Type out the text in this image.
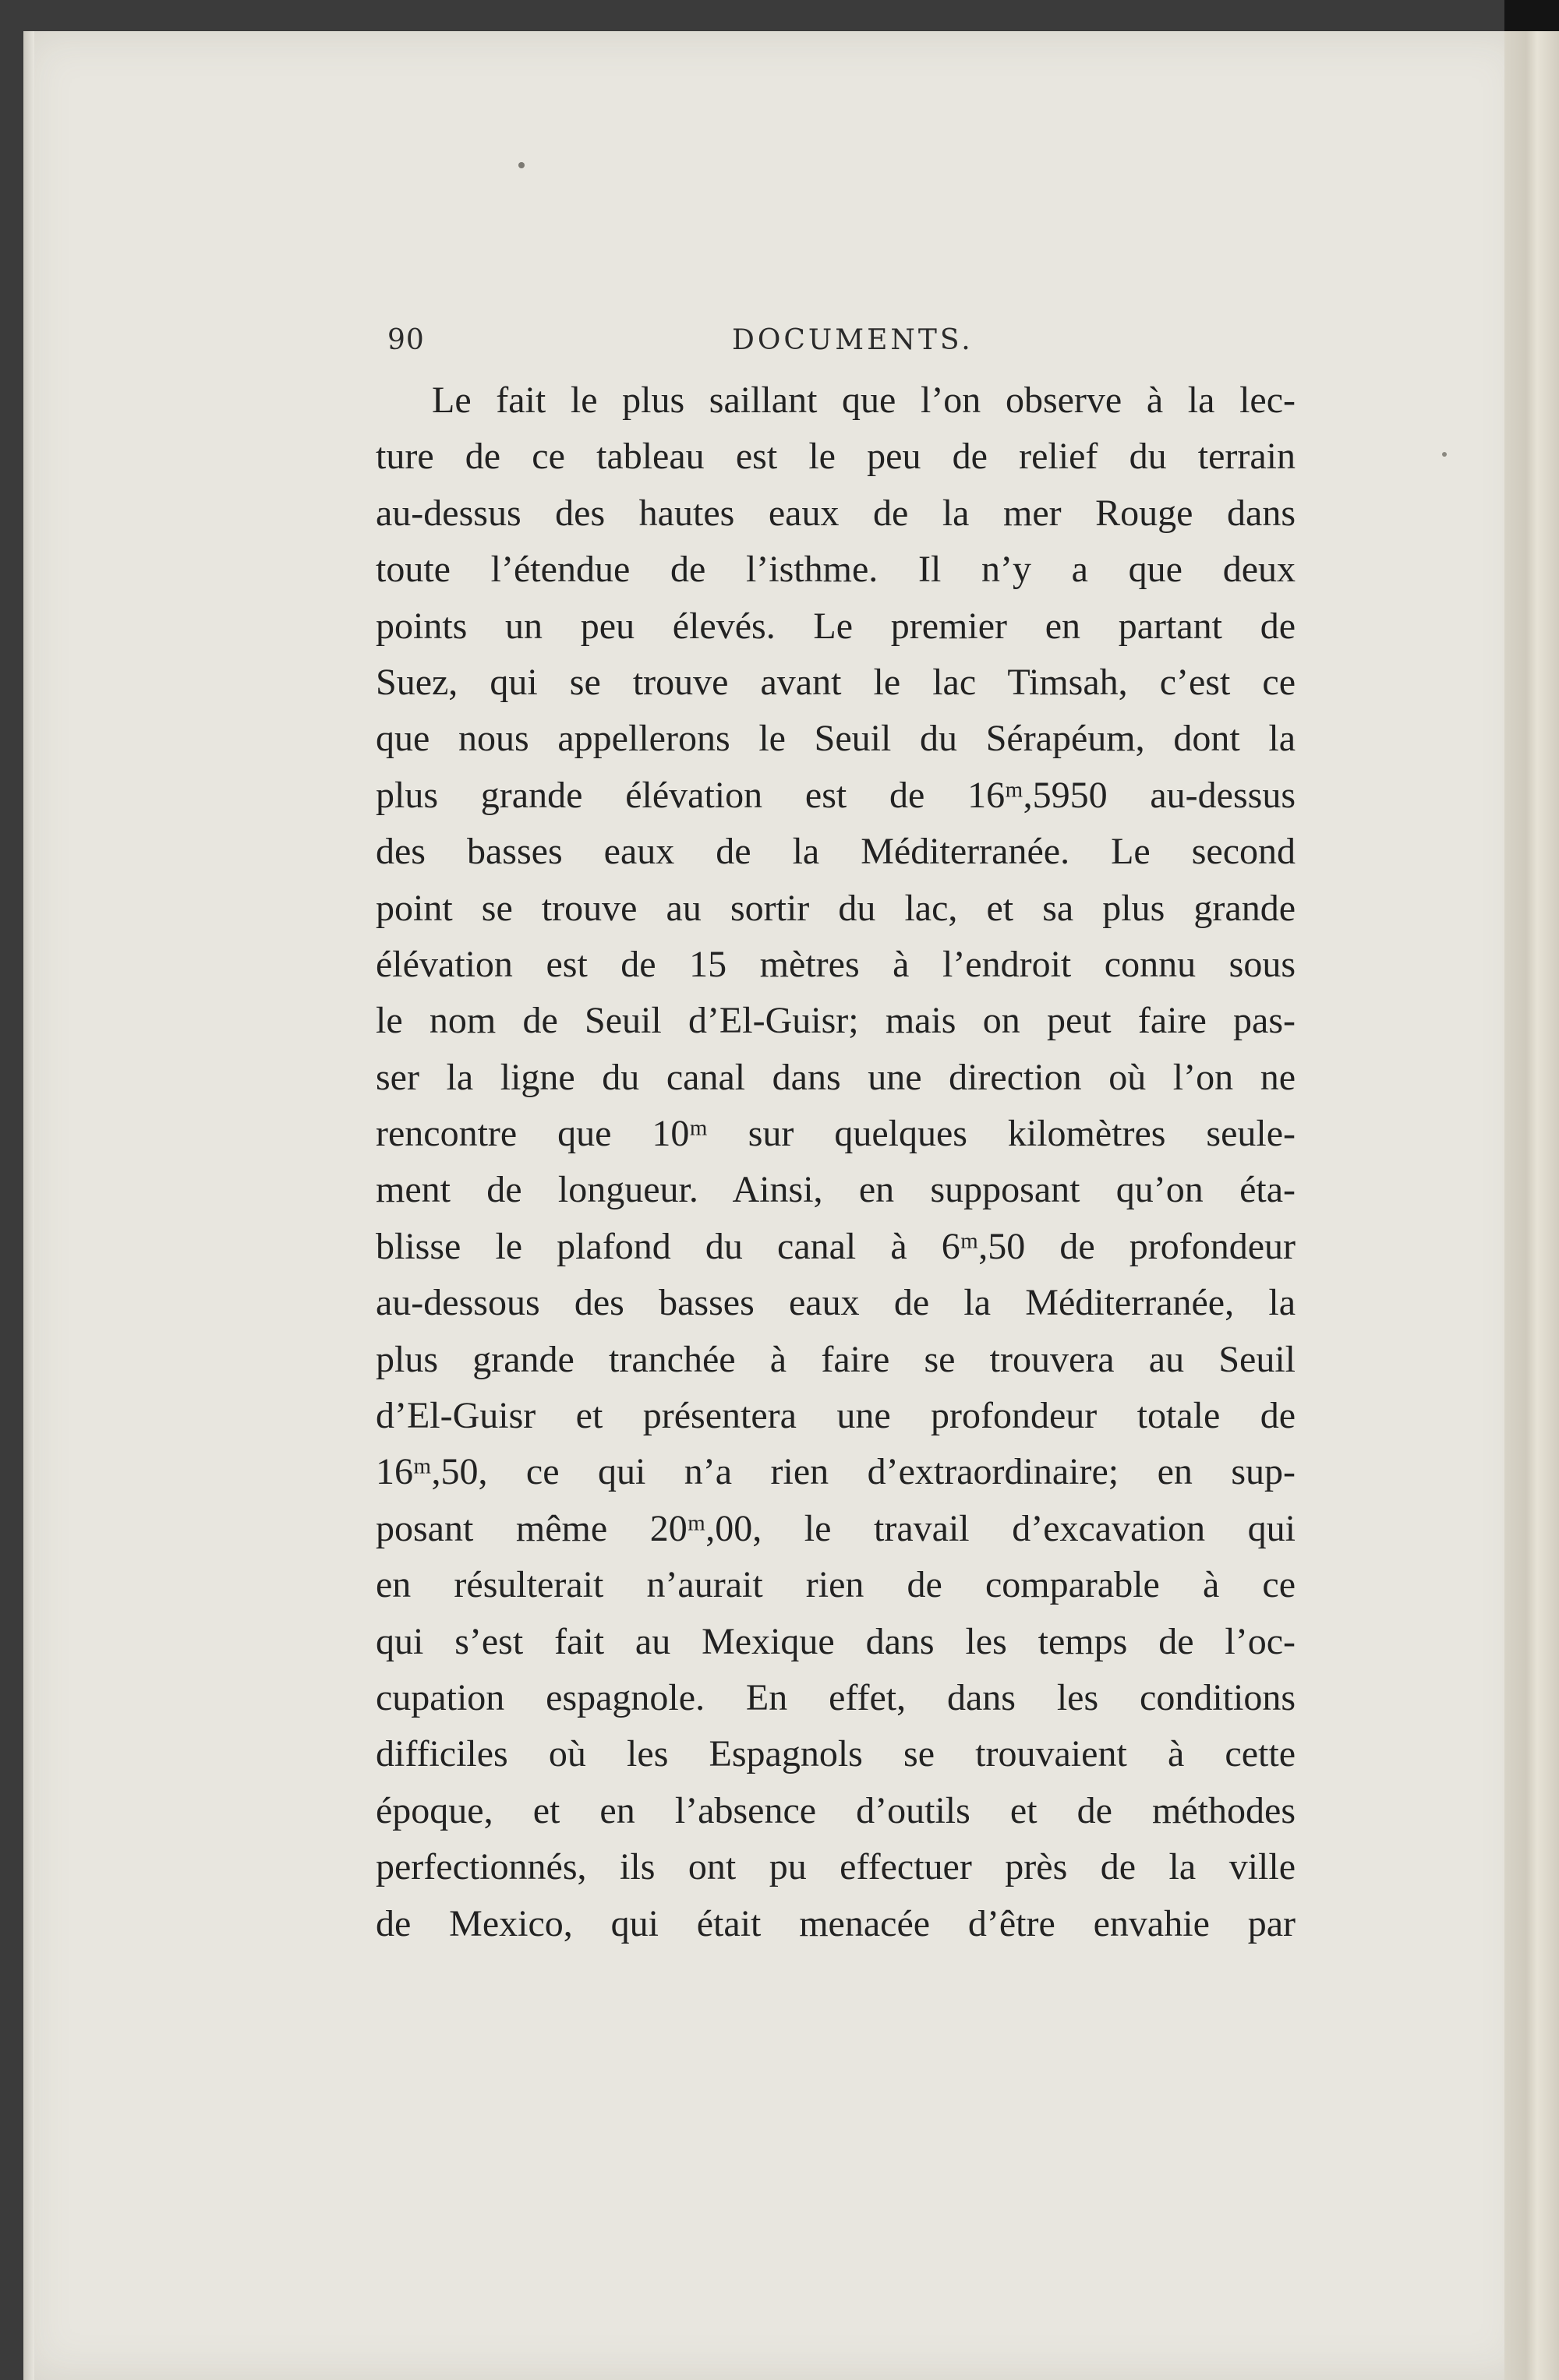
90	DOCUMENTS.
Le fait le plus saillant que l’on observe à la lec-
ture de ce tableau est le peu de relief du terrain
au-dessus des hautes eaux de la mer Rouge dans
toute l’étendue de l’isthme. Il n’y a que deux
points un peu élevés. Le premier en partant de
Suez, qui se trouve avant le lac Timsah, c’est ce
que nous appellerons le Seuil du Sérapéum, dont la
plus grande élévation est de 16ᵐ,5950 au-dessus
des basses eaux de la Méditerranée. Le second
point se trouve au sortir du lac, et sa plus grande
élévation est de 15 mètres à l’endroit connu sous
le nom de Seuil d’El-Guisr; mais on peut faire pas-
ser la ligne du canal dans une direction où l’on ne
rencontre que 10ᵐ sur quelques kilomètres seule-
ment de longueur. Ainsi, en supposant qu’on éta-
blisse le plafond du canal à 6ᵐ,50 de profondeur
au-dessous des basses eaux de la Méditerranée, la
plus grande tranchée à faire se trouvera au Seuil
d’El-Guisr et présentera une profondeur totale de
16ᵐ,50, ce qui n’a rien d’extraordinaire; en sup-
posant même 20ᵐ,00, le travail d’excavation qui
en résulterait n’aurait rien de comparable à ce
qui s’est fait au Mexique dans les temps de l’oc-
cupation espagnole. En effet, dans les conditions
difficiles où les Espagnols se trouvaient à cette
époque, et en l’absence d’outils et de méthodes
perfectionnés, ils ont pu effectuer près de la ville
de Mexico, qui était menacée d’être envahie par
